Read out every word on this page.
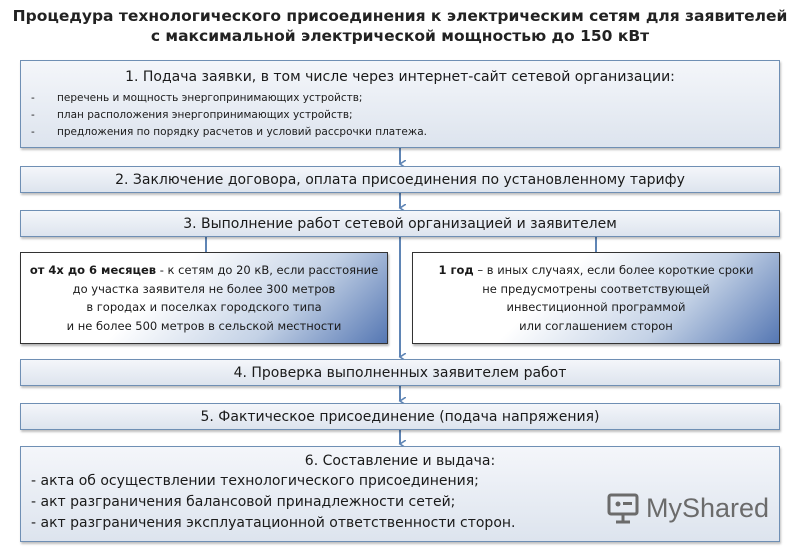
Процедура технологического присоединения к электрическим сетям для заявителей
с максимальной электрической мощностью до 150 кВт
1. Подача заявки, в том числе через интернет-сайт сетевой организации:
- перечень и мощность энергопринимающих устройств;
- план расположения энергопринимающих устройств;
- предложения по порядку расчетов и условий рассрочки платежа.
2. Заключение договора, оплата присоединения по установленному тарифу
3. Выполнение работ сетевой организацией и заявителем
от 4х до 6 месяцев - к сетям до 20 кВ, если расстояние
до участка заявителя не более 300 метров
в городах и поселках городского типа
и не более 500 метров в сельской местности
1 год – в иных случаях, если более короткие сроки
не предусмотрены соответствующей
инвестиционной программой
или соглашением сторон
4. Проверка выполненных заявителем работ
5. Фактическое присоединение (подача напряжения)
6. Составление и выдача:
- акта об осуществлении технологического присоединения;
- акт разграничения балансовой принадлежности сетей;
- акт разграничения эксплуатационной ответственности сторон.
MyShared
